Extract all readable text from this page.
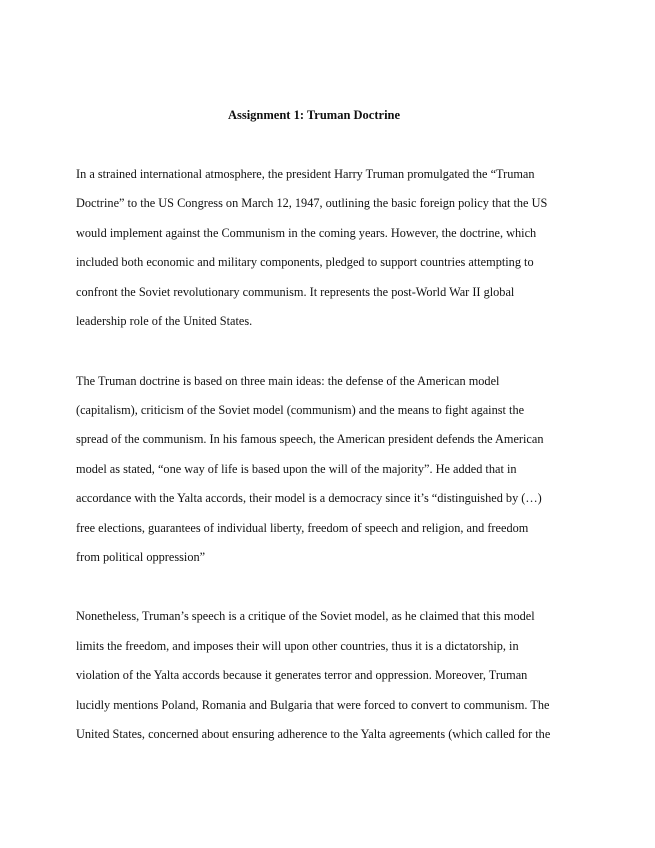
Assignment 1: Truman Doctrine
In a strained international atmosphere, the president Harry Truman promulgated the “Truman
Doctrine” to the US Congress on March 12, 1947, outlining the basic foreign policy that the US
would implement against the Communism in the coming years. However, the doctrine, which
included both economic and military components, pledged to support countries attempting to
confront the Soviet revolutionary communism. It represents the post-World War II global
leadership role of the United States.
The Truman doctrine is based on three main ideas: the defense of the American model
(capitalism), criticism of the Soviet model (communism) and the means to fight against the
spread of the communism. In his famous speech, the American president defends the American
model as stated, “one way of life is based upon the will of the majority”. He added that in
accordance with the Yalta accords, their model is a democracy since it’s “distinguished by (…)
free elections, guarantees of individual liberty, freedom of speech and religion, and freedom
from political oppression”
Nonetheless, Truman’s speech is a critique of the Soviet model, as he claimed that this model
limits the freedom, and imposes their will upon other countries, thus it is a dictatorship, in
violation of the Yalta accords because it generates terror and oppression. Moreover, Truman
lucidly mentions Poland, Romania and Bulgaria that were forced to convert to communism. The
United States, concerned about ensuring adherence to the Yalta agreements (which called for the
